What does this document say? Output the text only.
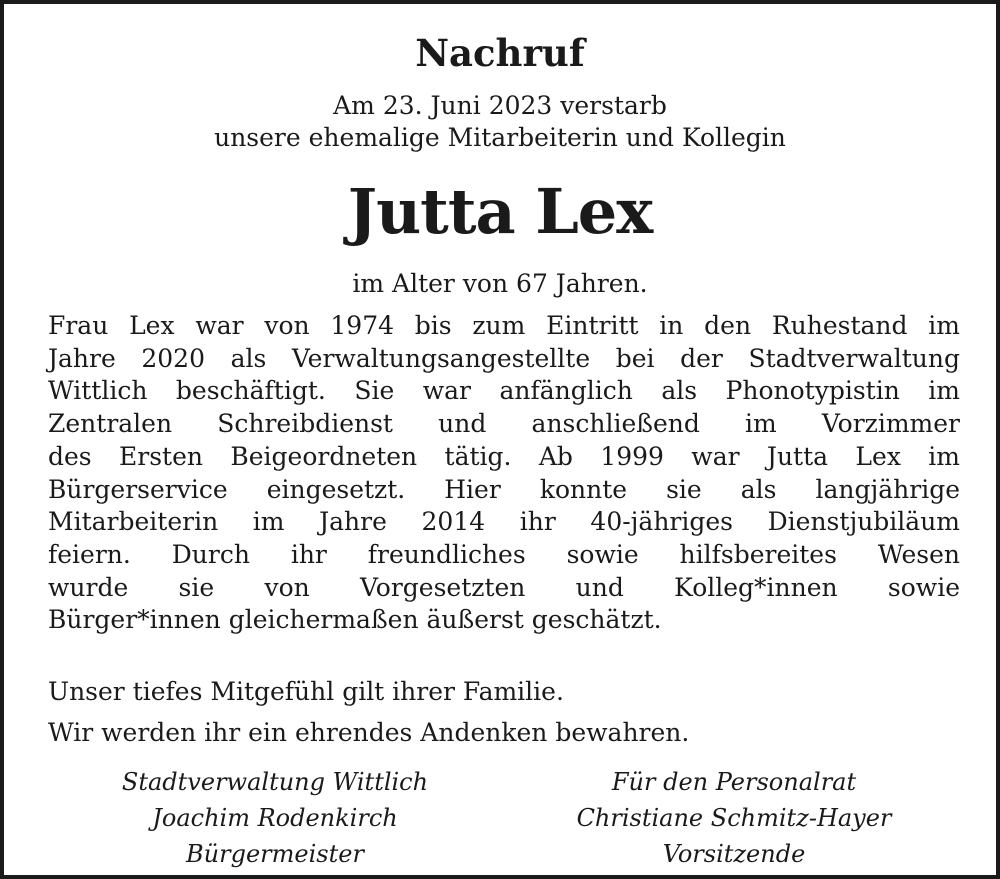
Nachruf
Am 23. Juni 2023 verstarb
unsere ehemalige Mitarbeiterin und Kollegin
Jutta Lex
im Alter von 67 Jahren.
Frau Lex war von 1974 bis zum Eintritt in den Ruhestand im
Jahre 2020 als Verwaltungsangestellte bei der Stadtverwaltung
Wittlich beschäftigt. Sie war anfänglich als Phonotypistin im
Zentralen Schreibdienst und anschließend im Vorzimmer
des Ersten Beigeordneten tätig. Ab 1999 war Jutta Lex im
Bürgerservice eingesetzt. Hier konnte sie als langjährige
Mitarbeiterin im Jahre 2014 ihr 40-jähriges Dienstjubiläum
feiern. Durch ihr freundliches sowie hilfsbereites Wesen
wurde sie von Vorgesetzten und Kolleg*innen sowie
Bürger*innen gleichermaßen äußerst geschätzt.
Unser tiefes Mitgefühl gilt ihrer Familie.
Wir werden ihr ein ehrendes Andenken bewahren.
Stadtverwaltung Wittlich
Joachim Rodenkirch
Bürgermeister
Für den Personalrat
Christiane Schmitz-Hayer
Vorsitzende
